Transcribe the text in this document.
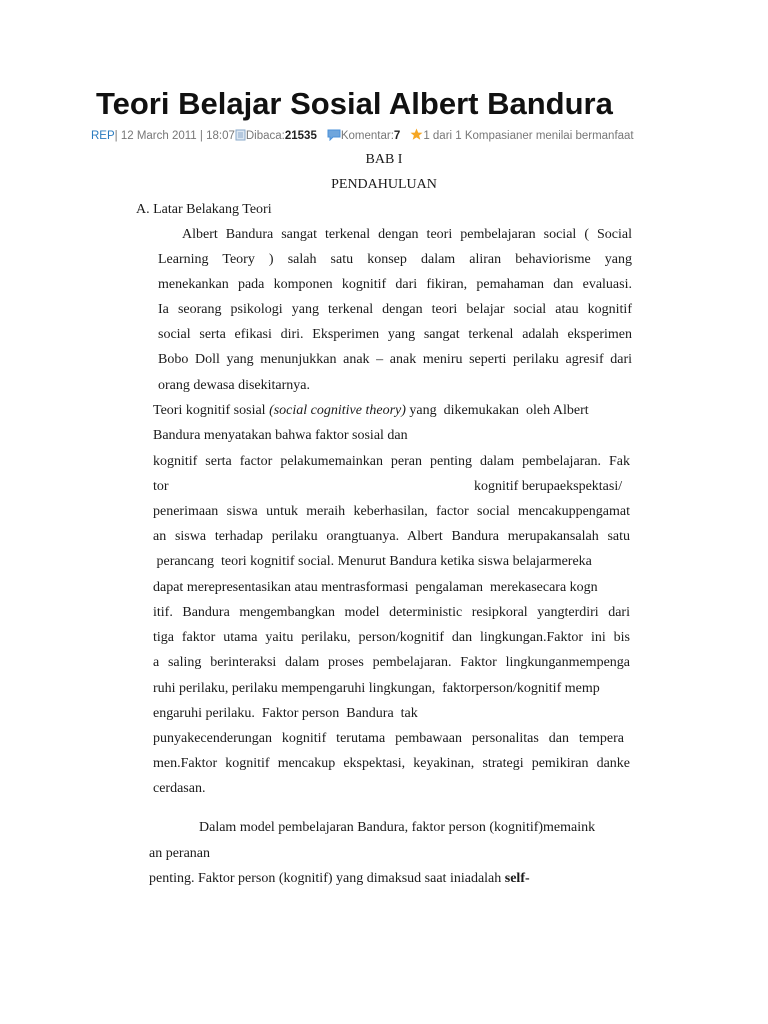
Teori Belajar Sosial Albert Bandura
REP | 12 March 2011 | 18:07 Dibaca: 21535 Komentar: 7 1 dari 1 Kompasianer menilai bermanfaat
BAB I
PENDAHULUAN
A. Latar Belakang Teori
Albert Bandura sangat terkenal dengan teori pembelajaran social ( Social
Learning Teory ) salah satu konsep dalam aliran behaviorisme yang
menekankan pada komponen kognitif dari fikiran, pemahaman dan evaluasi.
Ia seorang psikologi yang terkenal dengan teori belajar social atau kognitif
social serta efikasi diri. Eksperimen yang sangat terkenal adalah eksperimen
Bobo Doll yang menunjukkan anak – anak meniru seperti perilaku agresif dari
orang dewasa disekitarnya.
Teori kognitif sosial (social cognitive theory) yang  dikemukakan  oleh Albert
Bandura menyatakan bahwa faktor sosial dan
kognitif serta factor pelakumemainkan peran penting dalam pembelajaran. Fak
tor	kognitif berupaekspektasi/
penerimaan siswa untuk meraih keberhasilan, factor social mencakuppengamat
an siswa terhadap perilaku orangtuanya. Albert Bandura merupakansalah satu
perancang  teori kognitif social. Menurut Bandura ketika siswa belajarmereka
dapat merepresentasikan atau mentrasformasi  pengalaman  merekasecara kogn
itif. Bandura mengembangkan model deterministic resipkoral yangterdiri dari
tiga faktor utama yaitu perilaku, person/kognitif dan lingkungan.Faktor ini bis
a saling berinteraksi dalam proses pembelajaran. Faktor lingkunganmempenga
ruhi perilaku, perilaku mempengaruhi lingkungan,  faktorperson/kognitif memp
engaruhi perilaku.  Faktor person  Bandura  tak
punyakecenderungan kognitif terutama pembawaan personalitas dan tempera
men.Faktor kognitif mencakup ekspektasi, keyakinan, strategi pemikiran danke
cerdasan.
Dalam model pembelajaran Bandura, faktor person (kognitif)memaink
an peranan
penting. Faktor person (kognitif) yang dimaksud saat iniadalah self-
